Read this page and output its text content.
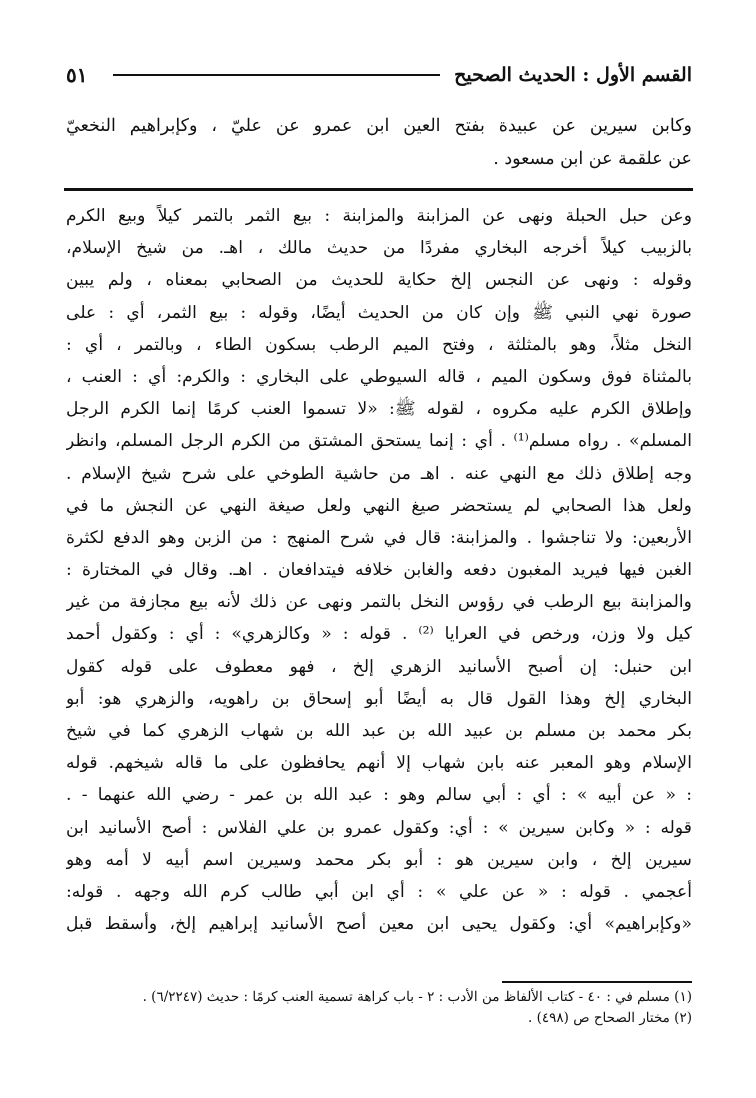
القسم الأول : الحديث الصحيح
٥١
وكابن سيرين عن عبيدة بفتح العين ابن عمرو عن عليّ ، وكإبراهيم النخعيّ
عن علقمة عن ابن مسعود .
وعن حبل الحبلة ونهى عن المزابنة والمزابنة : بيع الثمر بالتمر كيلاً وبيع الكرم
بالزبيب كيلاً أخرجه البخاري مفردًا من حديث مالك ، اهـ. من شيخ الإسلام،
وقوله : ونهى عن النجس إلخ حكاية للحديث من الصحابي بمعناه ، ولم يبين
صورة نهي النبي ﷺ وإن كان من الحديث أيضًا، وقوله : بيع الثمر، أي : على
النخل مثلاً، وهو بالمثلثة ، وفتح الميم الرطب بسكون الطاء ، وبالتمر ، أي :
بالمثناة فوق وسكون الميم ، قاله السيوطي على البخاري : والكرم: أي : العنب ،
وإطلاق الكرم عليه مكروه ، لقوله ﷺ: «لا تسموا العنب كرمًا إنما الكرم الرجل
المسلم» . رواه مسلم⁽¹⁾ . أي : إنما يستحق المشتق من الكرم الرجل المسلم، وانظر
وجه إطلاق ذلك مع النهي عنه . اهـ من حاشية الطوخي على شرح شيخ الإسلام .
ولعل هذا الصحابي لم يستحضر صيغ النهي ولعل صيغة النهي عن النجش ما في
الأربعين: ولا تناجشوا . والمزابنة: قال في شرح المنهج : من الزبن وهو الدفع لكثرة
الغبن فيها فيريد المغبون دفعه والغابن خلافه فيتدافعان . اهـ. وقال في المختارة :
والمزابنة بيع الرطب في رؤوس النخل بالتمر ونهى عن ذلك لأنه بيع مجازفة من غير
كيل ولا وزن، ورخص في العرايا ⁽²⁾ . قوله : « وكالزهري» : أي : وكقول أحمد
ابن حنبل: إن أصبح الأسانيد الزهري إلخ ، فهو معطوف على قوله كقول
البخاري إلخ وهذا القول قال به أيضًا أبو إسحاق بن راهويه، والزهري هو: أبو
بكر محمد بن مسلم بن عبيد الله بن عبد الله بن شهاب الزهري كما في شيخ
الإسلام وهو المعبر عنه بابن شهاب إلا أنهم يحافظون على ما قاله شيخهم. قوله
: « عن أبيه » : أي : أبي سالم وهو : عبد الله بن عمر - رضي الله عنهما - .
قوله : « وكابن سيرين » : أي: وكقول عمرو بن علي الفلاس : أصح الأسانيد ابن
سيرين إلخ ، وابن سيرين هو : أبو بكر محمد وسيرين اسم أبيه لا أمه وهو
أعجمي . قوله : « عن علي » : أي ابن أبي طالب كرم الله وجهه . قوله:
«وكإبراهيم» أي: وكقول يحيى ابن معين أصح الأسانيد إبراهيم إلخ، وأسقط قبل
(١) مسلم في : ٤٠ - كتاب الألفاظ من الأدب : ٢ - باب كراهة تسمية العنب كرمًا : حديث (٦/٢٢٤٧) .
(٢) مختار الصحاح ص (٤٩٨) .
